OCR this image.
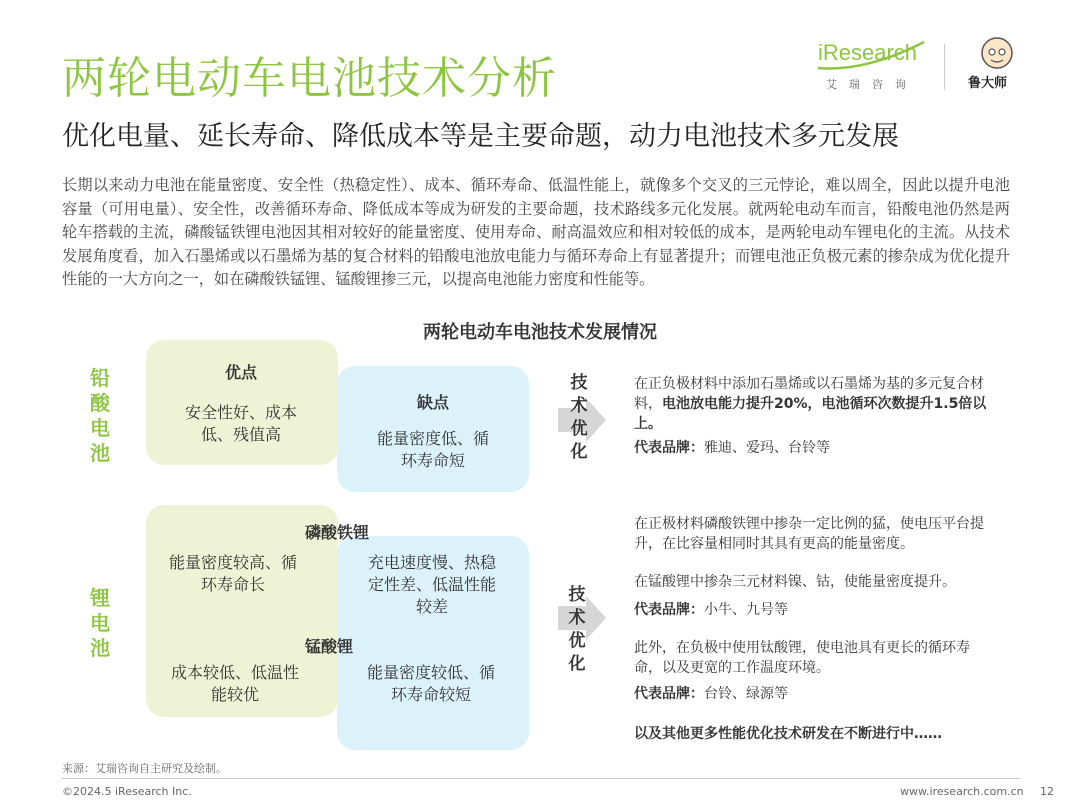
两轮电动车电池技术分析
优化电量、延长寿命、降低成本等是主要命题，动力电池技术多元发展
iResearch
艾瑞咨询	鲁大师
长期以来动力电池在能量密度、安全性（热稳定性）、成本、循环寿命、低温性能上，就像多个交叉的三元悖论，难以周全，因此以提升电池容量（可用电量）、安全性，改善循环寿命、降低成本等成为研发的主要命题，技术路线多元化发展。就两轮电动车而言，铅酸电池仍然是两轮车搭载的主流，磷酸锰铁锂电池因其相对较好的能量密度、使用寿命、耐高温效应和相对较低的成本，是两轮电动车锂电化的主流。从技术发展角度看，加入石墨烯或以石墨烯为基的复合材料的铅酸电池放电能力与循环寿命上有显著提升；而锂电池正负极元素的掺杂成为优化提升性能的一大方向之一，如在磷酸铁锰锂、锰酸锂掺三元，以提高电池能力密度和性能等。
两轮电动车电池技术发展情况
铅酸电池
优点
安全性好、成本低、残值高
缺点
能量密度低、循环寿命短
技术优化
在正负极材料中添加石墨烯或以石墨烯为基的多元复合材料，电池放电能力提升20%，电池循环次数提升1.5倍以上。
代表品牌：雅迪、爱玛、台铃等
锂电池
磷酸铁锂
能量密度较高、循环寿命长
充电速度慢、热稳定性差、低温性能较差
锰酸锂
成本较低、低温性能较优
能量密度较低、循环寿命较短
技术优化
在正极材料磷酸铁锂中掺杂一定比例的猛，使电压平台提升，在比容量相同时其具有更高的能量密度。
在锰酸锂中掺杂三元材料镍、钴，使能量密度提升。
代表品牌：小牛、九号等
此外，在负极中使用钛酸锂，使电池具有更长的循环寿命，以及更宽的工作温度环境。
代表品牌：台铃、绿源等
以及其他更多性能优化技术研发在不断进行中……
来源：艾瑞咨询自主研究及绘制。
©2024.5 iResearch Inc.	www.iresearch.com.cn 12
